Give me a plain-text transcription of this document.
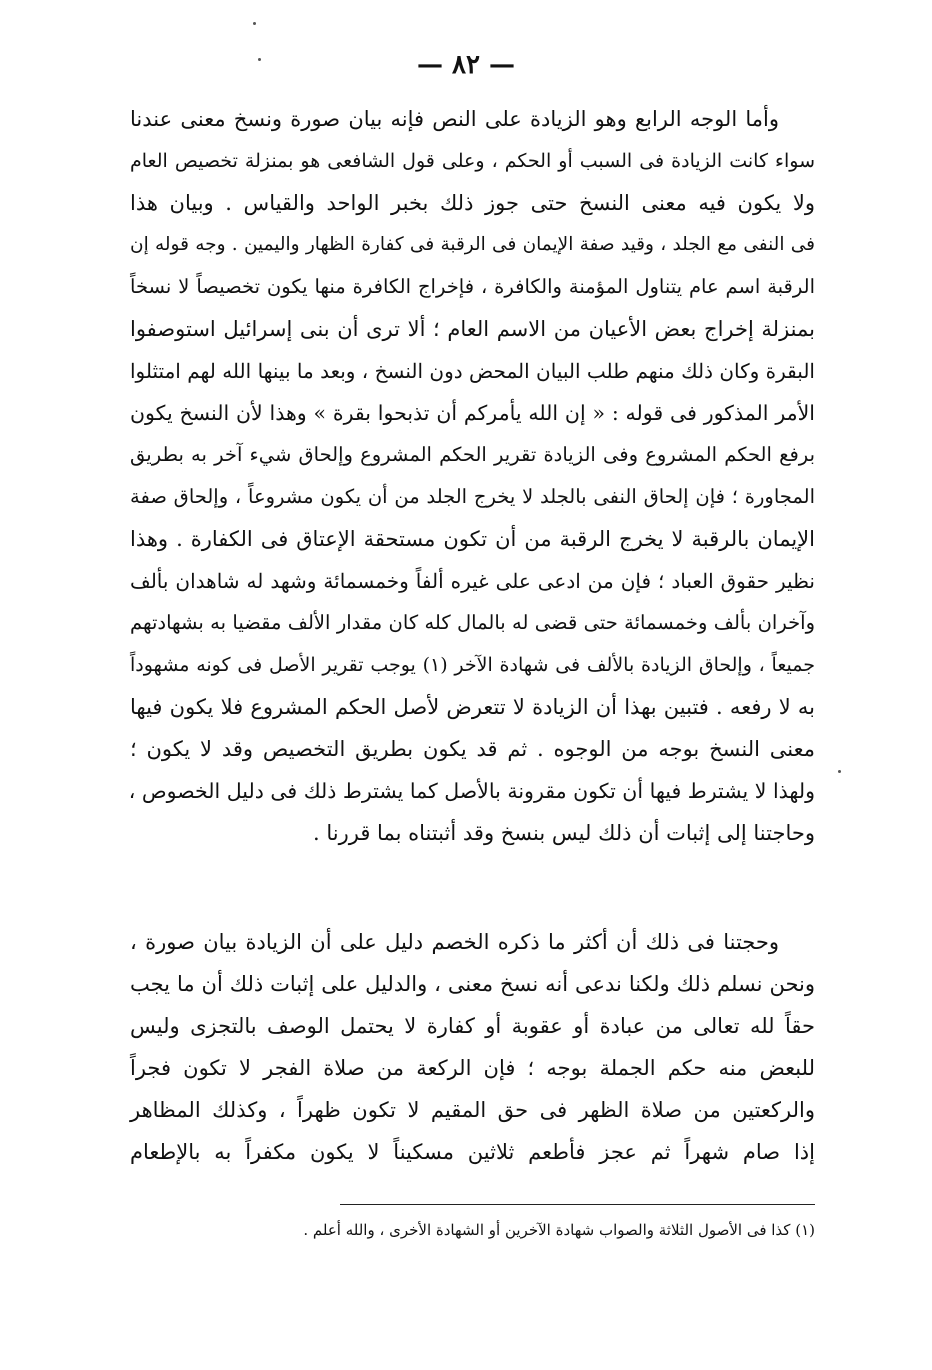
— ٨٢ —
وأما الوجه الرابع وهو الزيادة على النص فإنه بيان صورة ونسخ معنى عندنا
سواء كانت الزيادة فى السبب أو الحكم ، وعلى قول الشافعى هو بمنزلة تخصيص العام
ولا يكون فيه معنى النسخ حتى جوز ذلك بخبر الواحد والقياس . وبيان هذا
فى النفى مع الجلد ، وقيد صفة الإيمان فى الرقبة فى كفارة الظهار واليمين . وجه قوله إن
الرقبة اسم عام يتناول المؤمنة والكافرة ، فإخراج الكافرة منها يكون تخصيصاً لا نسخاً
بمنزلة إخراج بعض الأعيان من الاسم العام ؛ ألا ترى أن بنى إسرائيل استوصفوا
البقرة وكان ذلك منهم طلب البيان المحض دون النسخ ، وبعد ما بينها الله لهم امتثلوا
الأمر المذكور فى قوله : « إن الله يأمركم أن تذبحوا بقرة » وهذا لأن النسخ يكون
برفع الحكم المشروع وفى الزيادة تقرير الحكم المشروع وإلحاق شيء آخر به بطريق
المجاورة ؛ فإن إلحاق النفى بالجلد لا يخرج الجلد من أن يكون مشروعاً ، وإلحاق صفة
الإيمان بالرقبة لا يخرج الرقبة من أن تكون مستحقة الإعتاق فى الكفارة . وهذا
نظير حقوق العباد ؛ فإن من ادعى على غيره ألفاً وخمسمائة وشهد له شاهدان بألف
وآخران بألف وخمسمائة حتى قضى له بالمال كله كان مقدار الألف مقضيا به بشهادتهم
جميعاً ، وإلحاق الزيادة بالألف فى شهادة الآخر (١) يوجب تقرير الأصل فى كونه مشهوداً
به لا رفعه . فتبين بهذا أن الزيادة لا تتعرض لأصل الحكم المشروع فلا يكون فيها
معنى النسخ بوجه من الوجوه . ثم قد يكون بطريق التخصيص وقد لا يكون ؛
ولهذا لا يشترط فيها أن تكون مقرونة بالأصل كما يشترط ذلك فى دليل الخصوص ،
وحاجتنا إلى إثبات أن ذلك ليس بنسخ وقد أثبتناه بما قررنا .
وحجتنا فى ذلك أن أكثر ما ذكره الخصم دليل على أن الزيادة بيان صورة ،
ونحن نسلم ذلك ولكنا ندعى أنه نسخ معنى ، والدليل على إثبات ذلك أن ما يجب
حقاً لله تعالى من عبادة أو عقوبة أو كفارة لا يحتمل الوصف بالتجزى وليس
للبعض منه حكم الجملة بوجه ؛ فإن الركعة من صلاة الفجر لا تكون فجراً
والركعتين من صلاة الظهر فى حق المقيم لا تكون ظهراً ، وكذلك المظاهر
إذا صام شهراً ثم عجز فأطعم ثلاثين مسكيناً لا يكون مكفراً به بالإطعام
(١) كذا فى الأصول الثلاثة والصواب شهادة الآخرين أو الشهادة الأخرى ، والله أعلم .
